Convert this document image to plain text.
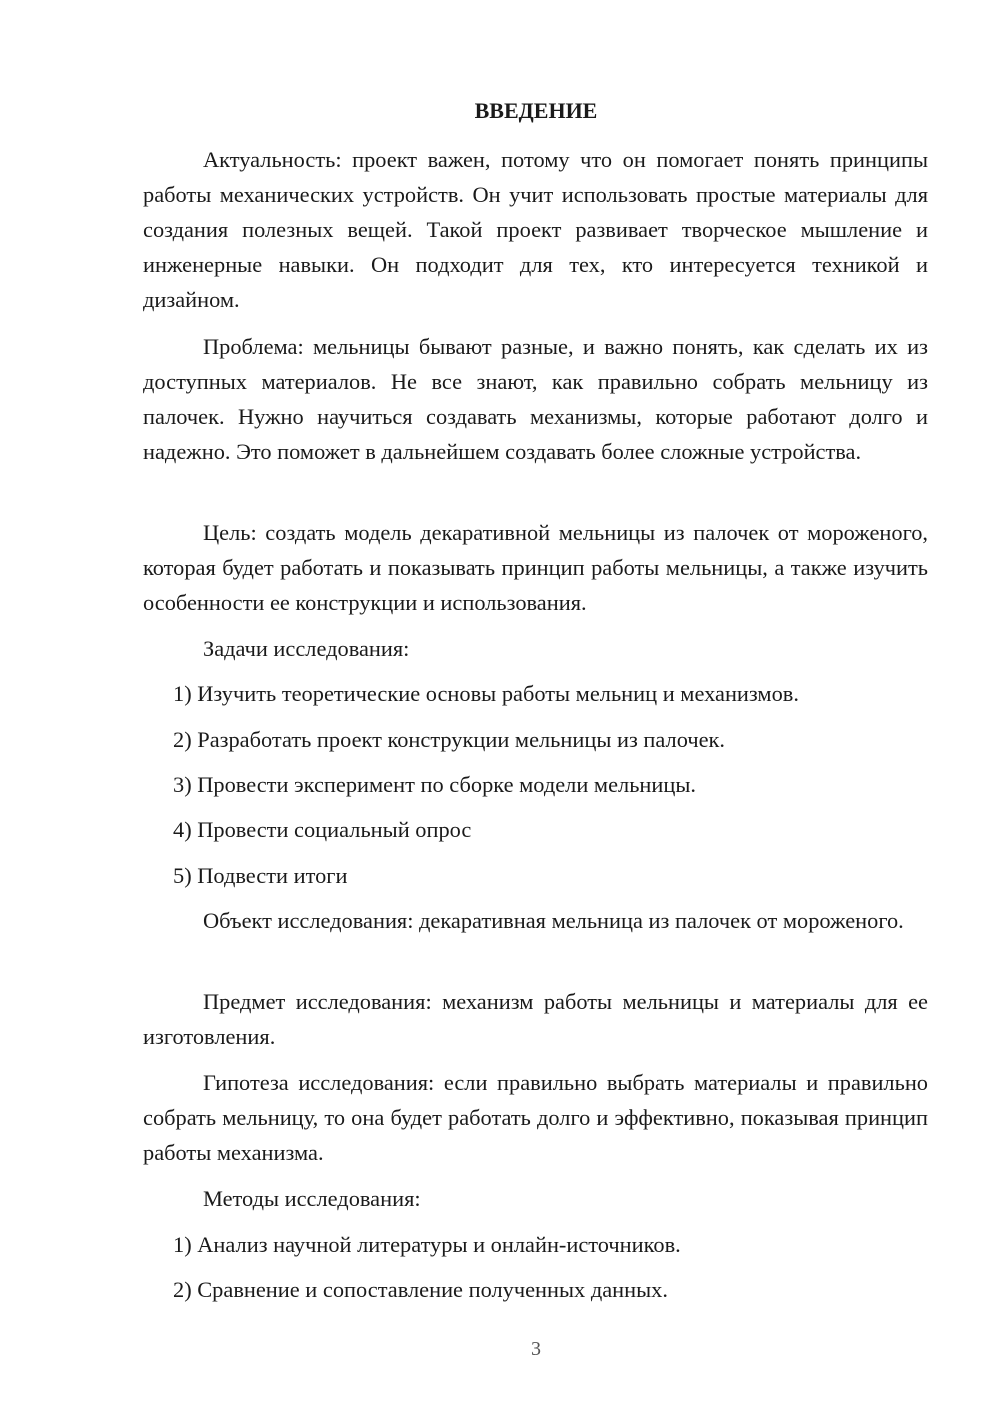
ВВЕДЕНИЕ

Актуальность: проект важен, потому что он помогает понять принципы работы механических устройств. Он учит использовать простые материалы для создания полезных вещей. Такой проект развивает творческое мышление и инженерные навыки. Он подходит для тех, кто интересуется техникой и дизайном.

Проблема: мельницы бывают разные, и важно понять, как сделать их из доступных материалов. Не все знают, как правильно собрать мельницу из палочек. Нужно научиться создавать механизмы, которые работают долго и надежно. Это поможет в дальнейшем создавать более сложные устройства.

Цель: создать модель декаративной мельницы из палочек от мороженого, которая будет работать и показывать принцип работы мельницы, а также изучить особенности ее конструкции и использования.

Задачи исследования:

1) Изучить теоретические основы работы мельниц и механизмов.

2) Разработать проект конструкции мельницы из палочек.

3) Провести эксперимент по сборке модели мельницы.

4) Провести социальный опрос

5) Подвести итоги

Объект исследования: декаративная мельница из палочек от мороженого.

Предмет исследования: механизм работы мельницы и материалы для ее изготовления.

Гипотеза исследования: если правильно выбрать материалы и правильно собрать мельницу, то она будет работать долго и эффективно, показывая принцип работы механизма.

Методы исследования:

1) Анализ научной литературы и онлайн-источников.

2) Сравнение и сопоставление полученных данных.

3
